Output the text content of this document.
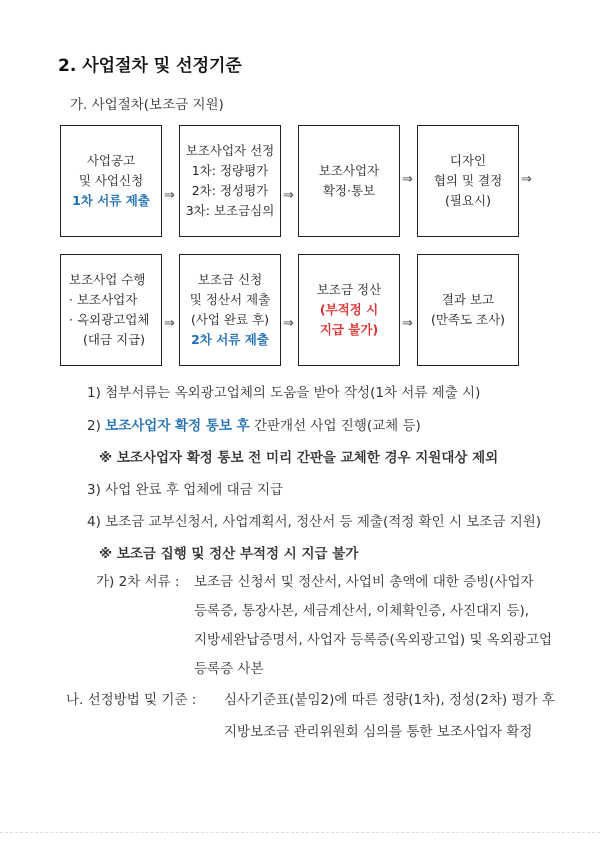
2. 사업절차 및 선정기준
가. 사업절차(보조금 지원)
사업공고
및 사업신청
1차 서류 제출 ⇒
보조사업자 선정
1차: 정량평가
2차: 정성평가
3차: 보조금심의
⇒
보조사업자
확정·통보
⇒
디자인
협의 및 결정
(필요시)
⇒
보조사업 수행
· 보조사업자
· 옥외광고업체
(대금 지급)
⇒
보조금 신청
및 정산서 제출
(사업 완료 후)
2차 서류 제출
⇒
보조금 정산
(부적정 시
지급 불가) ⇒
결과 보고
(만족도 조사)
1) 첨부서류는 옥외광고업체의 도움을 받아 작성(1차 서류 제출 시)
2) 보조사업자 확정 통보 후 간판개선 사업 진행(교체 등)
※ 보조사업자 확정 통보 전 미리 간판을 교체한 경우 지원대상 제외
3) 사업 완료 후 업체에 대금 지급
4) 보조금 교부신청서, 사업계획서, 정산서 등 제출(적정 확인 시 보조금 지원)
※ 보조금 집행 및 정산 부적정 시 지급 불가
가) 2차 서류 : 보조금 신청서 및 정산서, 사업비 총액에 대한 증빙(사업자
등록증, 통장사본, 세금계산서, 이체확인증, 사진대지 등),
지방세완납증명서, 사업자 등록증(옥외광고업) 및 옥외광고업
등록증 사본
나. 선정방법 및 기준 : 심사기준표(붙임2)에 따른 정량(1차), 정성(2차) 평가 후
지방보조금 관리위원회 심의를 통한 보조사업자 확정
